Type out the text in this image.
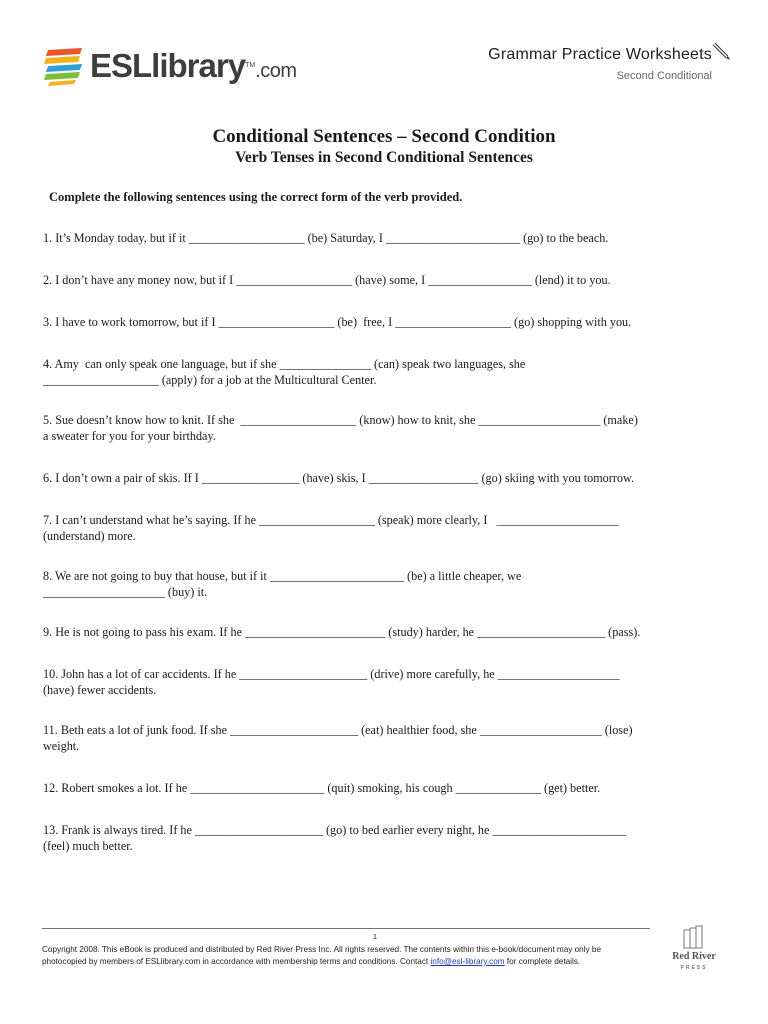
ESLlibrary™.com
Grammar Practice Worksheets
Second Conditional
Conditional Sentences – Second Condition
Verb Tenses in Second Conditional Sentences
Complete the following sentences using the correct form of the verb provided.
1. It’s Monday today, but if it ___________________ (be) Saturday, I ______________________ (go) to the beach.
2. I don’t have any money now, but if I ___________________ (have) some, I _________________ (lend) it to you.
3. I have to work tomorrow, but if I ___________________ (be)  free, I ___________________ (go) shopping with you.
4. Amy  can only speak one language, but if she _______________ (can) speak two languages, she
___________________ (apply) for a job at the Multicultural Center.
5. Sue doesn’t know how to knit. If she  ___________________ (know) how to knit, she ____________________ (make)
a sweater for you for your birthday.
6. I don’t own a pair of skis. If I ________________ (have) skis, I __________________ (go) skiing with you tomorrow.
7. I can’t understand what he’s saying. If he ___________________ (speak) more clearly, I   ____________________
(understand) more.
8. We are not going to buy that house, but if it ______________________ (be) a little cheaper, we
____________________ (buy) it.
9. He is not going to pass his exam. If he _______________________ (study) harder, he _____________________ (pass).
10. John has a lot of car accidents. If he _____________________ (drive) more carefully, he ____________________
(have) fewer accidents.
11. Beth eats a lot of junk food. If she _____________________ (eat) healthier food, she ____________________ (lose)
weight.
12. Robert smokes a lot. If he ______________________ (quit) smoking, his cough ______________ (get) better.
13. Frank is always tired. If he _____________________ (go) to bed earlier every night, he ______________________
(feel) much better.
1
Copyright 2008. This eBook is produced and distributed by Red River Press Inc. All rights reserved. The contents within this e-book/document may only be
photocopied by members of ESLlibrary.com in accordance with membership terms and conditions. Contact info@esl-library.com for complete details.	Red River
PRESS
